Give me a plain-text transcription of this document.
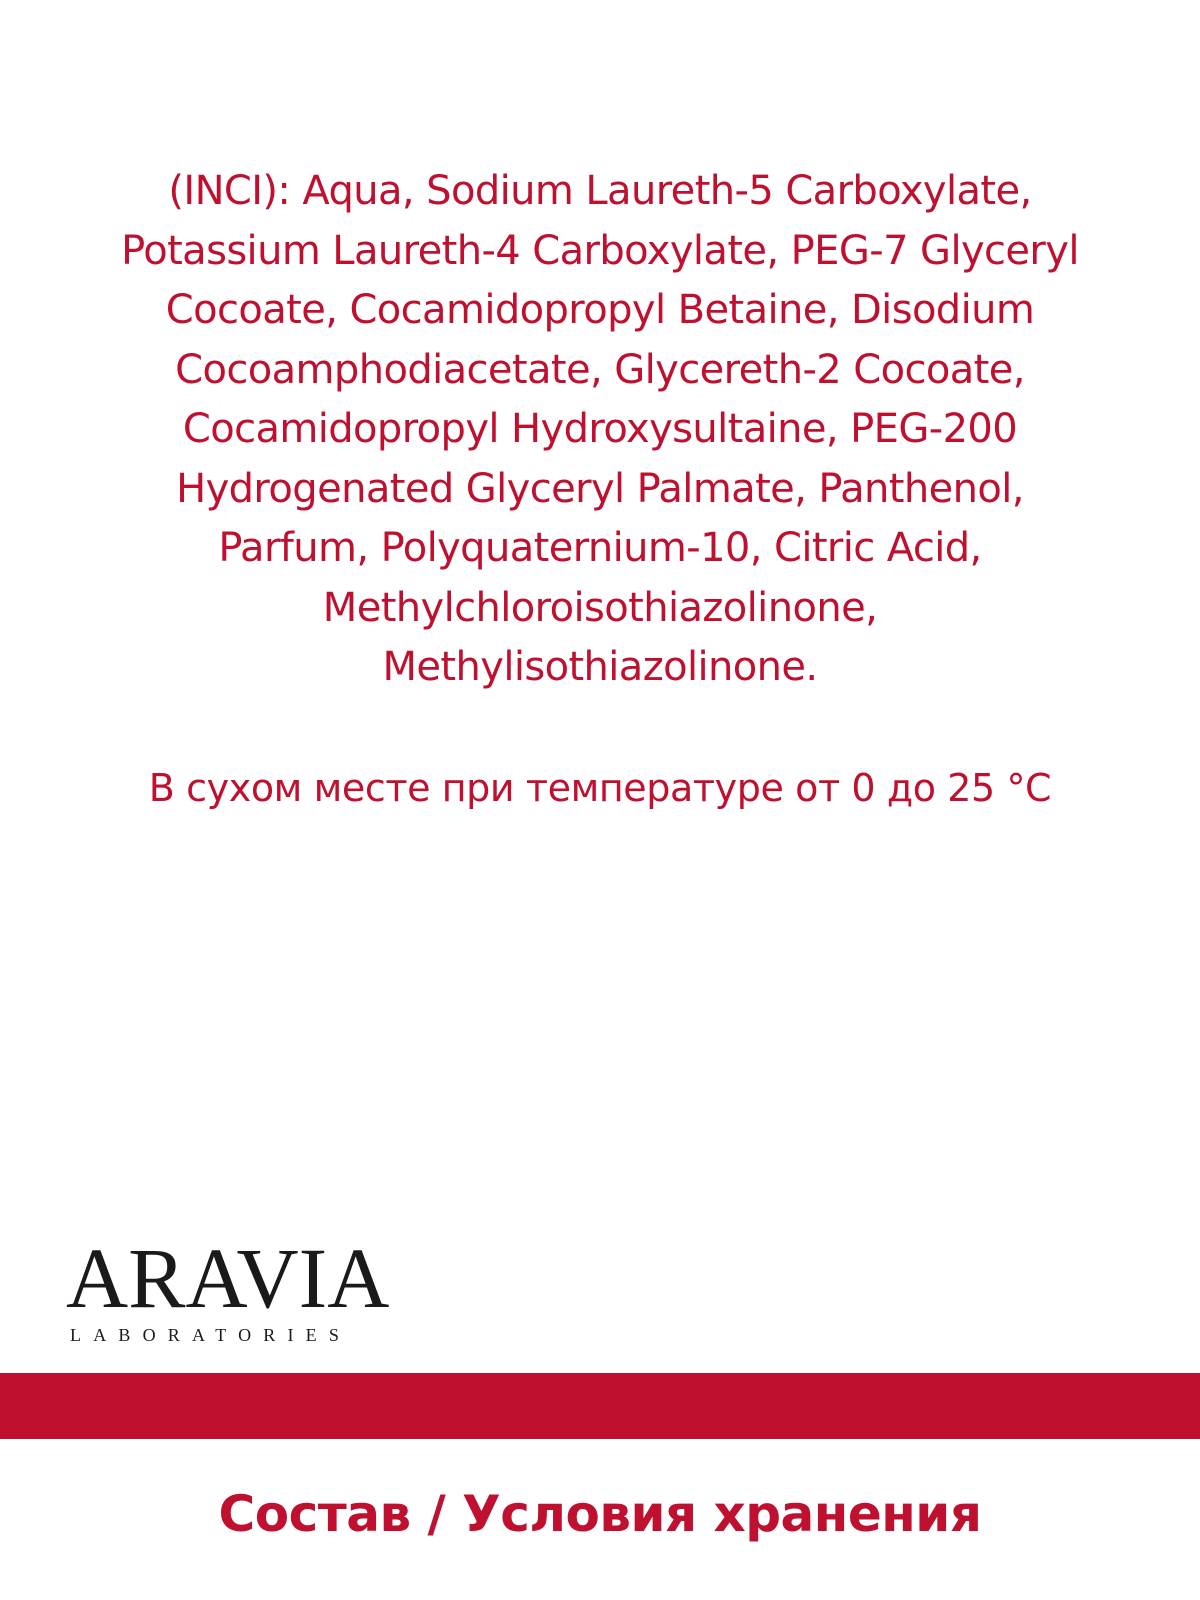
(INCI): Aqua, Sodium Laureth-5 Carboxylate,
Potassium Laureth-4 Carboxylate, PEG-7 Glyceryl
Cocoate, Cocamidopropyl Betaine, Disodium
Cocoamphodiacetate, Glycereth-2 Cocoate,
Cocamidopropyl Hydroxysultaine, PEG-200
Hydrogenated Glyceryl Palmate, Panthenol,
Parfum, Polyquaternium-10, Citric Acid,
Methylchloroisothiazolinone,
Methylisothiazolinone.

В сухом месте при температуре от 0 до 25 °C

ARAVIA
LABORATORIES
Состав / Условия хранения
